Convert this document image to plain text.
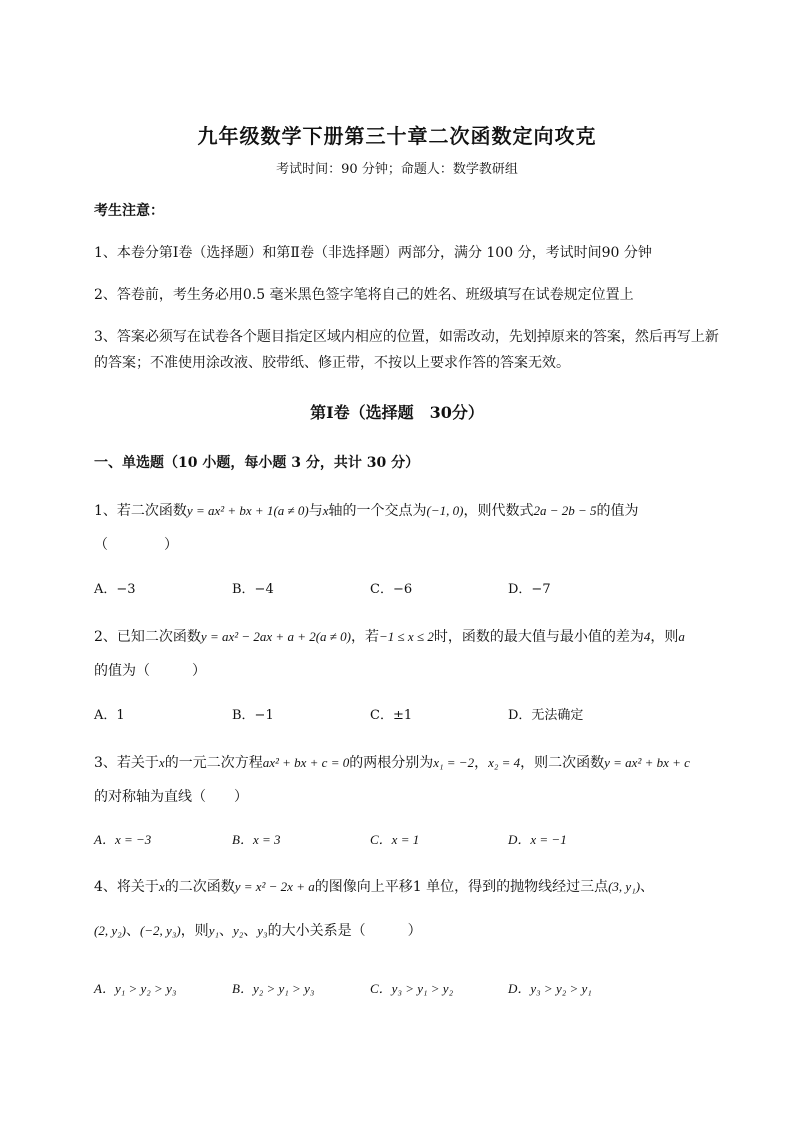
九年级数学下册第三十章二次函数定向攻克
考试时间：90 分钟；命题人：数学教研组
考生注意：
1、本卷分第Ⅰ卷（选择题）和第Ⅱ卷（非选择题）两部分，满分 100 分，考试时间90 分钟
2、答卷前，考生务必用0.5 毫米黑色签字笔将自己的姓名、班级填写在试卷规定位置上
3、答案必须写在试卷各个题目指定区域内相应的位置，如需改动，先划掉原来的答案，然后再写上新
的答案；不准使用涂改液、胶带纸、修正带，不按以上要求作答的答案无效。
第Ⅰ卷（选择题　30分）
一、单选题（10 小题，每小题 3 分，共计 30 分）
1、若二次函数y = ax² + bx + 1(a ≠ 0)与x轴的一个交点为(−1, 0)，则代数式2a − 2b − 5的值为
（　　　　）
A．−3	B．−4	C．−6	D．−7
2、已知二次函数y = ax² − 2ax + a + 2(a ≠ 0)，若−1 ≤ x ≤ 2时，函数的最大值与最小值的差为4，则a
的值为（　　　）
A．1	B．−1	C．±1	D．无法确定
3、若关于x的一元二次方程ax² + bx + c = 0的两根分别为x₁ = −2，x₂ = 4，则二次函数y = ax² + bx + c
的对称轴为直线（　　）
A．x = −3	B．x = 3	C．x = 1	D．x = −1
4、将关于x的二次函数y = x² − 2x + a的图像向上平移1 单位，得到的抛物线经过三点(3, y₁)、
(2, y₂)、(−2, y₃)，则y₁、y₂、y₃的大小关系是（　　　）
A．y₁ > y₂ > y₃	B．y₂ > y₁ > y₃	C．y₃ > y₁ > y₂	D．y₃ > y₂ > y₁
